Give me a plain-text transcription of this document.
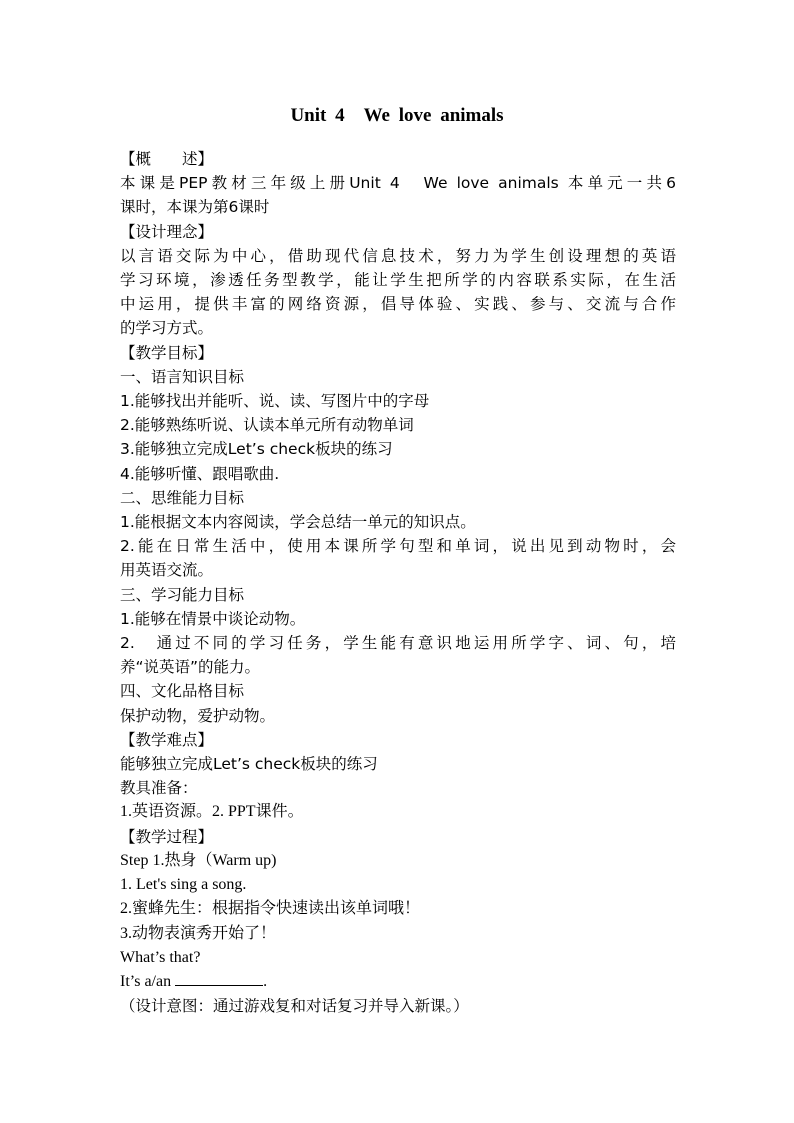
Unit 4　We love animals
【概　　述】
本课是PEP教材三年级上册Unit 4　We love animals 本单元一共6
课时，本课为第6课时
【设计理念】
以言语交际为中心，借助现代信息技术，努力为学生创设理想的英语
学习环境，渗透任务型教学，能让学生把所学的内容联系实际，在生活
中运用，提供丰富的网络资源，倡导体验、实践、参与、交流与合作
的学习方式。
【教学目标】
一、语言知识目标
1.能够找出并能听、说、读、写图片中的字母
2.能够熟练听说、认读本单元所有动物单词
3.能够独立完成Let’s check板块的练习
4.能够听懂、跟唱歌曲.
二、思维能力目标
1.能根据文本内容阅读，学会总结一单元的知识点。
2.能在日常生活中，使用本课所学句型和单词，说出见到动物时，会
用英语交流。
三、学习能力目标
1.能够在情景中谈论动物。
2.　通过不同的学习任务，学生能有意识地运用所学字、词、句，培
养“说英语”的能力。
四、文化品格目标
保护动物，爱护动物。
【教学难点】
能够独立完成Let’s check板块的练习
教具准备：
1.英语资源。2. PPT课件。
【教学过程】
Step 1.热身（Warm up)
1. Let's sing a song.
2.蜜蜂先生：根据指令快速读出该单词哦！
3.动物表演秀开始了！
What’s that?
It’s a/an	.
（设计意图：通过游戏复和对话复习并导入新课。）
